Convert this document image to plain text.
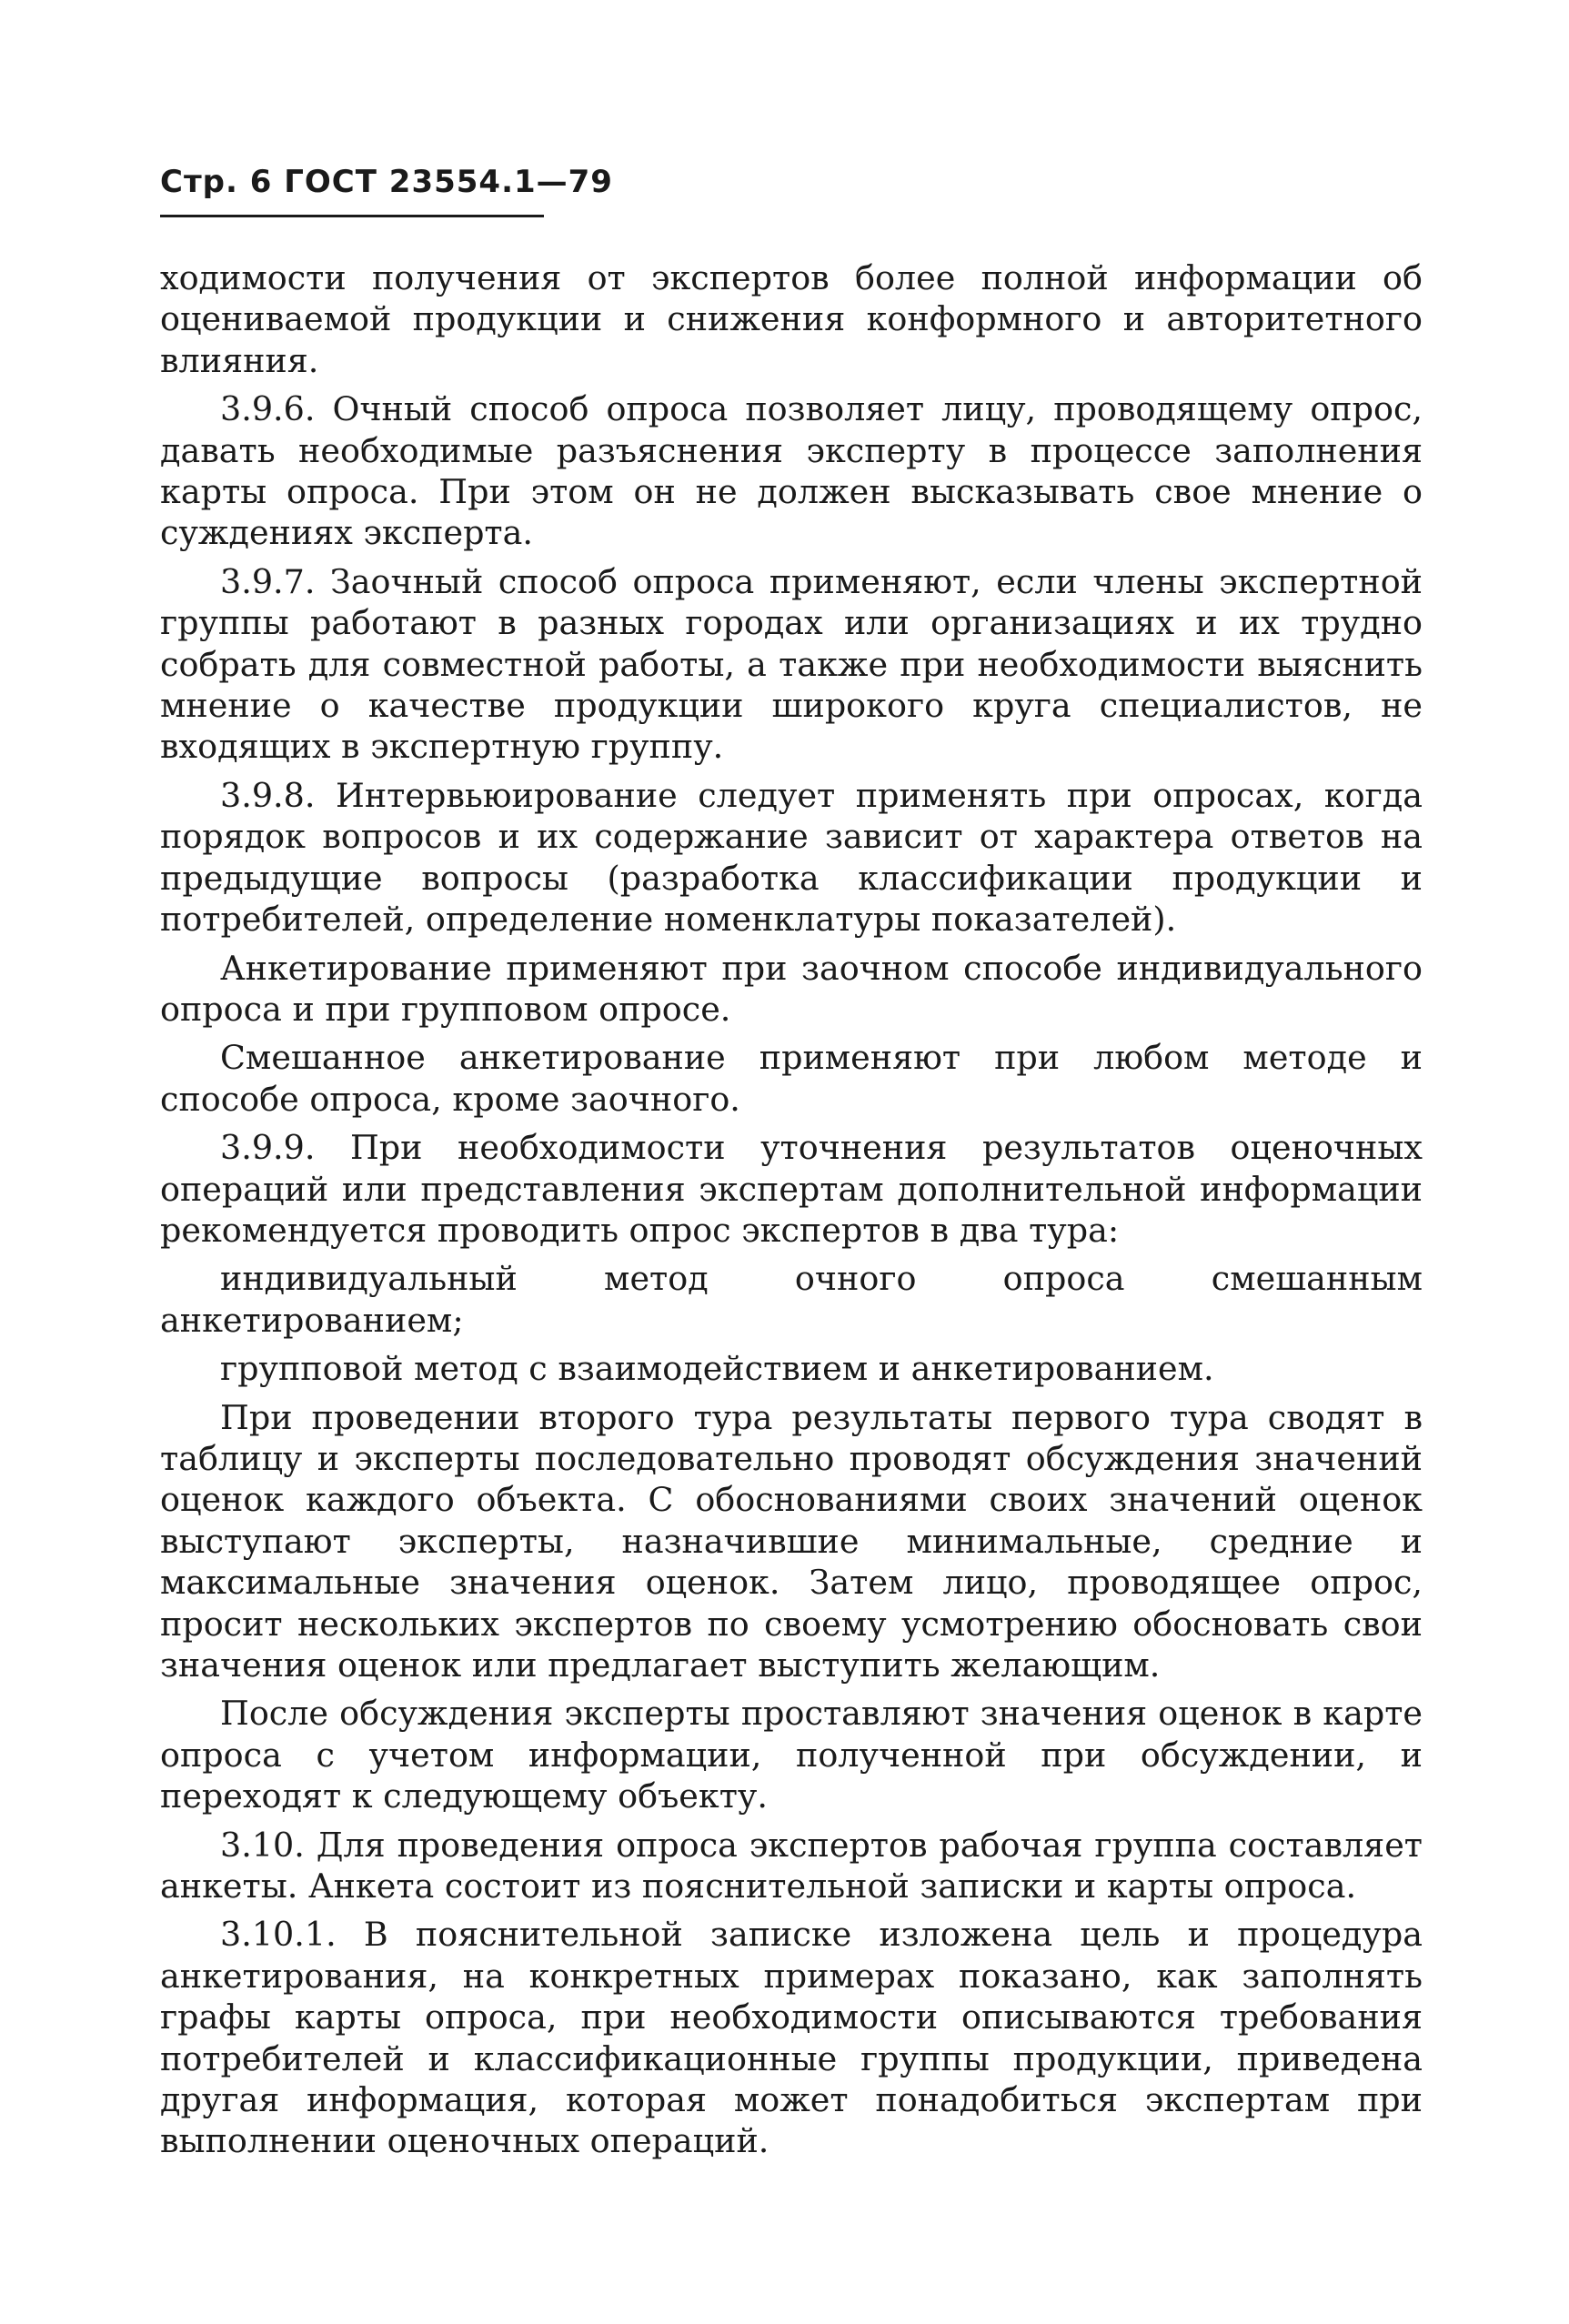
Стр. 6 ГОСТ 23554.1—79

ходимости получения от экспертов более полной информации об оцениваемой продукции и снижения конформного и авторитетного влияния.

3.9.6. Очный способ опроса позволяет лицу, проводящему опрос, давать необходимые разъяснения эксперту в процессе заполнения карты опроса. При этом он не должен высказывать свое мнение о суждениях эксперта.

3.9.7. Заочный способ опроса применяют, если члены экспертной группы работают в разных городах или организациях и их трудно собрать для совместной работы, а также при необходимости выяснить мнение о качестве продукции широкого круга специалистов, не входящих в экспертную группу.

3.9.8. Интервьюирование следует применять при опросах, когда порядок вопросов и их содержание зависит от характера ответов на предыдущие вопросы (разработка классификации продукции и потребителей, определение номенклатуры показателей).

Анкетирование применяют при заочном способе индивидуального опроса и при групповом опросе.

Смешанное анкетирование применяют при любом методе и способе опроса, кроме заочного.

3.9.9. При необходимости уточнения результатов оценочных операций или представления экспертам дополнительной информации рекомендуется проводить опрос экспертов в два тура:

индивидуальный метод очного опроса смешанным анкетированием;

групповой метод с взаимодействием и анкетированием.

При проведении второго тура результаты первого тура сводят в таблицу и эксперты последовательно проводят обсуждения значений оценок каждого объекта. С обоснованиями своих значений оценок выступают эксперты, назначившие минимальные, средние и максимальные значения оценок. Затем лицо, проводящее опрос, просит нескольких экспертов по своему усмотрению обосновать свои значения оценок или предлагает выступить желающим.

После обсуждения эксперты проставляют значения оценок в карте опроса с учетом информации, полученной при обсуждении, и переходят к следующему объекту.

3.10. Для проведения опроса экспертов рабочая группа составляет анкеты. Анкета состоит из пояснительной записки и карты опроса.

3.10.1. В пояснительной записке изложена цель и процедура анкетирования, на конкретных примерах показано, как заполнять графы карты опроса, при необходимости описываются требования потребителей и классификационные группы продукции, приведена другая информация, которая может понадобиться экспертам при выполнении оценочных операций.
